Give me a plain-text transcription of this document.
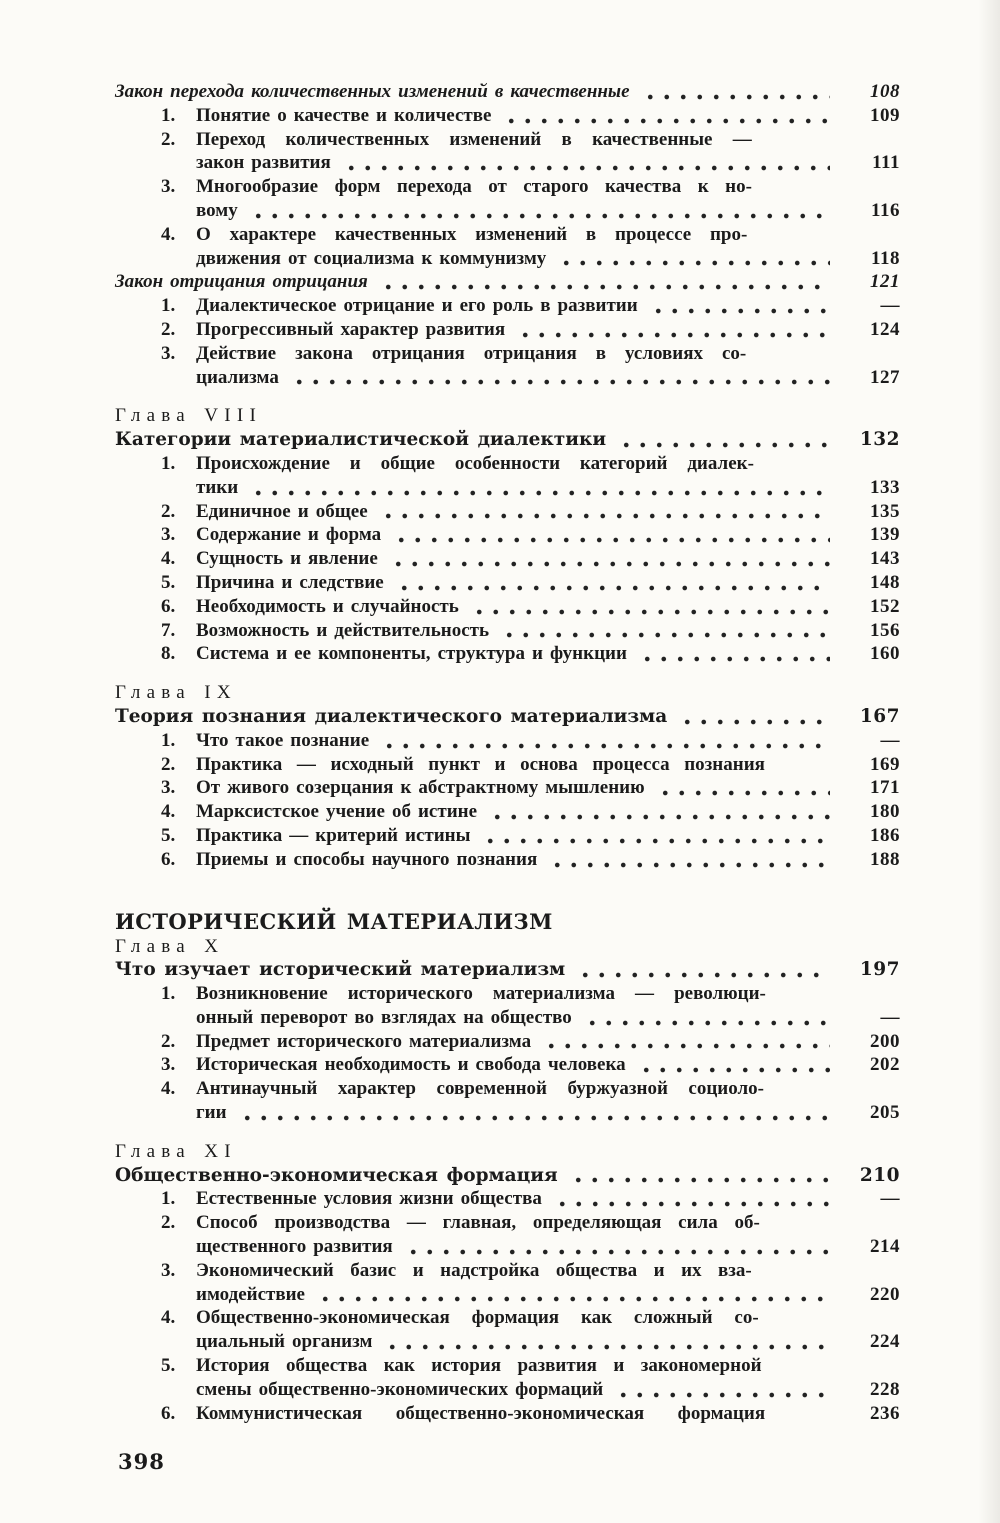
Закон перехода количественных изменений в качественные	108
1.	Понятие о качестве и количестве	109
2.	Переход количественных изменений в качественные —
закон развития	111
3.	Многообразие форм перехода от старого качества к но-
вому	116
4.	О характере качественных изменений в процессе про-
движения от социализма к коммунизму	118
Закон отрицания отрицания	121
1.	Диалектическое отрицание и его роль в развитии	—
2.	Прогрессивный характер развития	124
3.	Действие закона отрицания отрицания в условиях со-
циализма	127
Глава VIII
Категории материалистической диалектики	132
1.	Происхождение и общие особенности категорий диалек-
тики	133
2.	Единичное и общее	135
3.	Содержание и форма	139
4.	Сущность и явление	143
5.	Причина и следствие	148
6.	Необходимость и случайность	152
7.	Возможность и действительность	156
8.	Система и ее компоненты, структура и функции	160
Глава IX
Теория познания диалектического материализма	167
1.	Что такое познание	—
2.	Практика — исходный пункт и основа процесса познания	169
3.	От живого созерцания к абстрактному мышлению	171
4.	Марксистское учение об истине	180
5.	Практика — критерий истины	186
6.	Приемы и способы научного познания	188
ИСТОРИЧЕСКИЙ МАТЕРИАЛИЗМ
Глава X
Что изучает исторический материализм	197
1.	Возникновение исторического материализма — революци-
онный переворот во взглядах на общество	—
2.	Предмет исторического материализма	200
3.	Историческая необходимость и свобода человека	202
4.	Антинаучный характер современной буржуазной социоло-
гии	205
Глава XI
Общественно-экономическая формация	210
1.	Естественные условия жизни общества	—
2.	Способ производства — главная, определяющая сила об-
щественного развития	214
3.	Экономический базис и надстройка общества и их вза-
имодействие	220
4.	Общественно-экономическая формация как сложный со-
циальный организм	224
5.	История общества как история развития и закономерной
смены общественно-экономических формаций	228
6.	Коммунистическая общественно-экономическая формация	236
398
